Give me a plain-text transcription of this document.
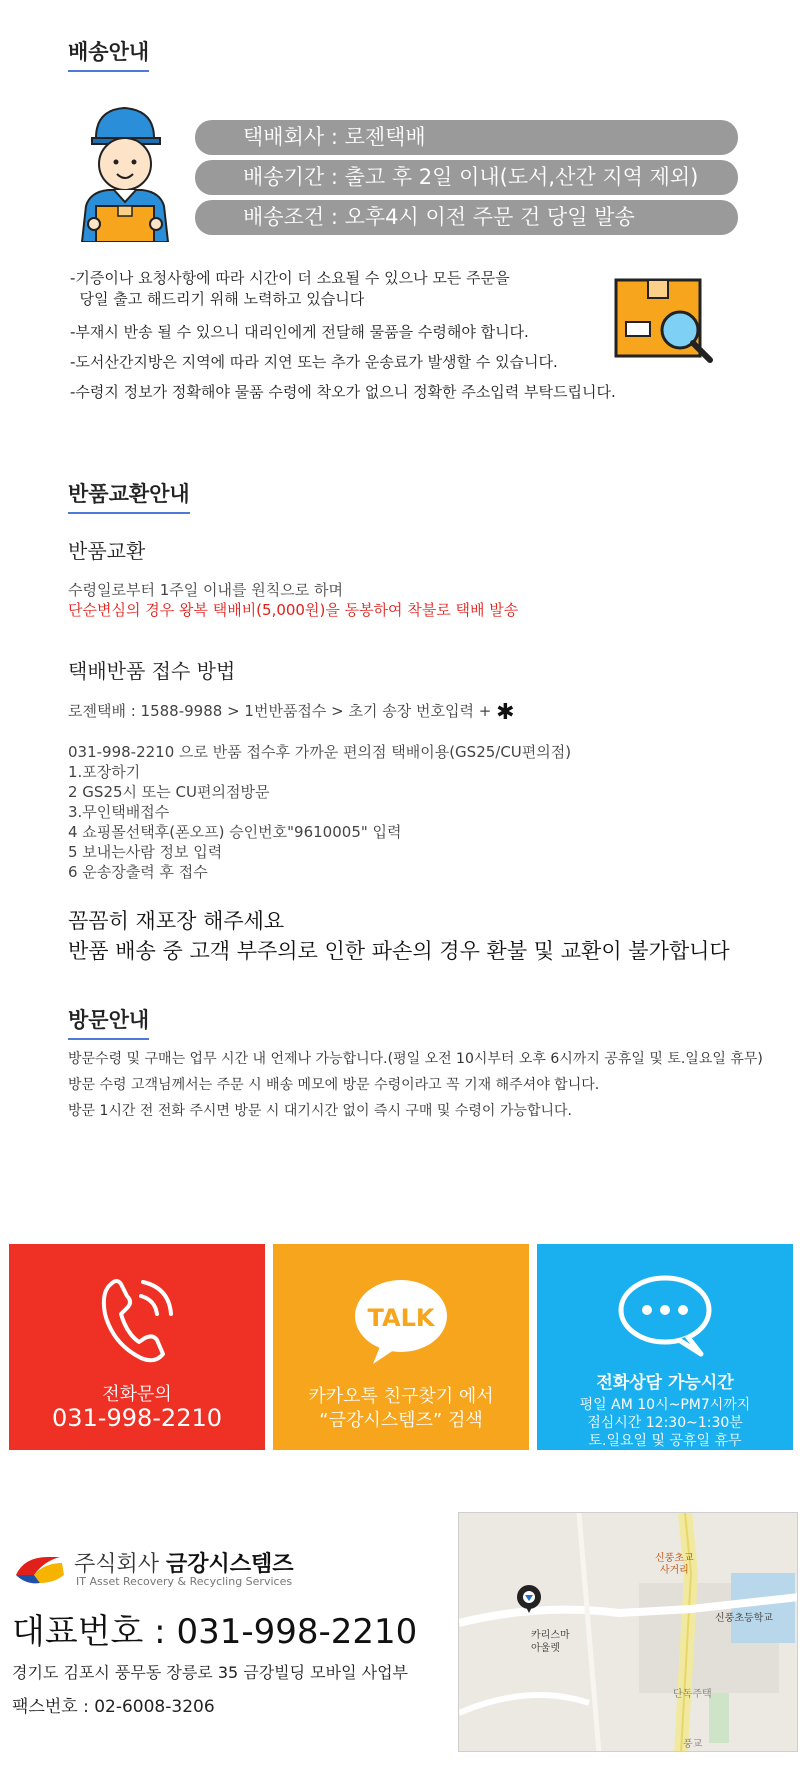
배송안내
택배회사 : 로젠택배
배송기간 : 출고 후 2일 이내(도서,산간 지역 제외)
배송조건 : 오후4시 이전 주문 건 당일 발송
-기증이나 요청사항에 따라 시간이 더 소요될 수 있으나 모든 주문을
당일 출고 해드리기 위해 노력하고 있습니다
-부재시 반송 될 수 있으니 대리인에게 전달해 물품을 수령해야 합니다.
-도서산간지방은 지역에 따라 지연 또는 추가 운송료가 발생할 수 있습니다.
-수령지 정보가 정확해야 물품 수령에 착오가 없으니 정확한 주소입력 부탁드립니다.
반품교환안내
반품교환
수령일로부터 1주일 이내를 원칙으로 하며
단순변심의 경우 왕복 택배비(5,000원)을 동봉하여 착불로 택배 발송
택배반품 접수 방법
로젠택배 : 1588-9988 > 1번반품접수 > 초기 송장 번호입력 + ✱
031-998-2210 으로 반품 접수후 가까운 편의점 택배이용(GS25/CU편의점)
1.포장하기
2 GS25시 또는 CU편의점방문
3.무인택배접수
4 쇼핑몰선택후(폰오프) 승인번호"9610005" 입력
5 보내는사람 정보 입력
6 운송장출력 후 접수
꼼꼼히 재포장 해주세요
반품 배송 중 고객 부주의로 인한 파손의 경우 환불 및 교환이 불가합니다
방문안내
방문수령 및 구매는 업무 시간 내 언제나 가능합니다.(평일 오전 10시부터 오후 6시까지 공휴일 및 토.일요일 휴무)
방문 수령 고객님께서는 주문 시 배송 메모에 방문 수령이라고 꼭 기재 해주셔야 합니다.
방문 1시간 전 전화 주시면 방문 시 대기시간 없이 즉시 구매 및 수령이 가능합니다.
전화문의
031-998-2210
TALK
카카오톡 친구찾기 에서
“금강시스템즈” 검색
전화상담 가능시간
평일 AM 10시~PM7시까지
점심시간 12:30~1:30분
토.일요일 및 공휴일 휴무
주식회사 금강시스템즈
IT Asset Recovery & Recycling Services
대표번호 : 031-998-2210
경기도 김포시 풍무동 장릉로 35 금강빌딩 모바일 사업부
팩스번호 : 02-6008-3206
신풍초교
사거리
신풍초등학교
카리스마
아울렛
단독주택
풍교
